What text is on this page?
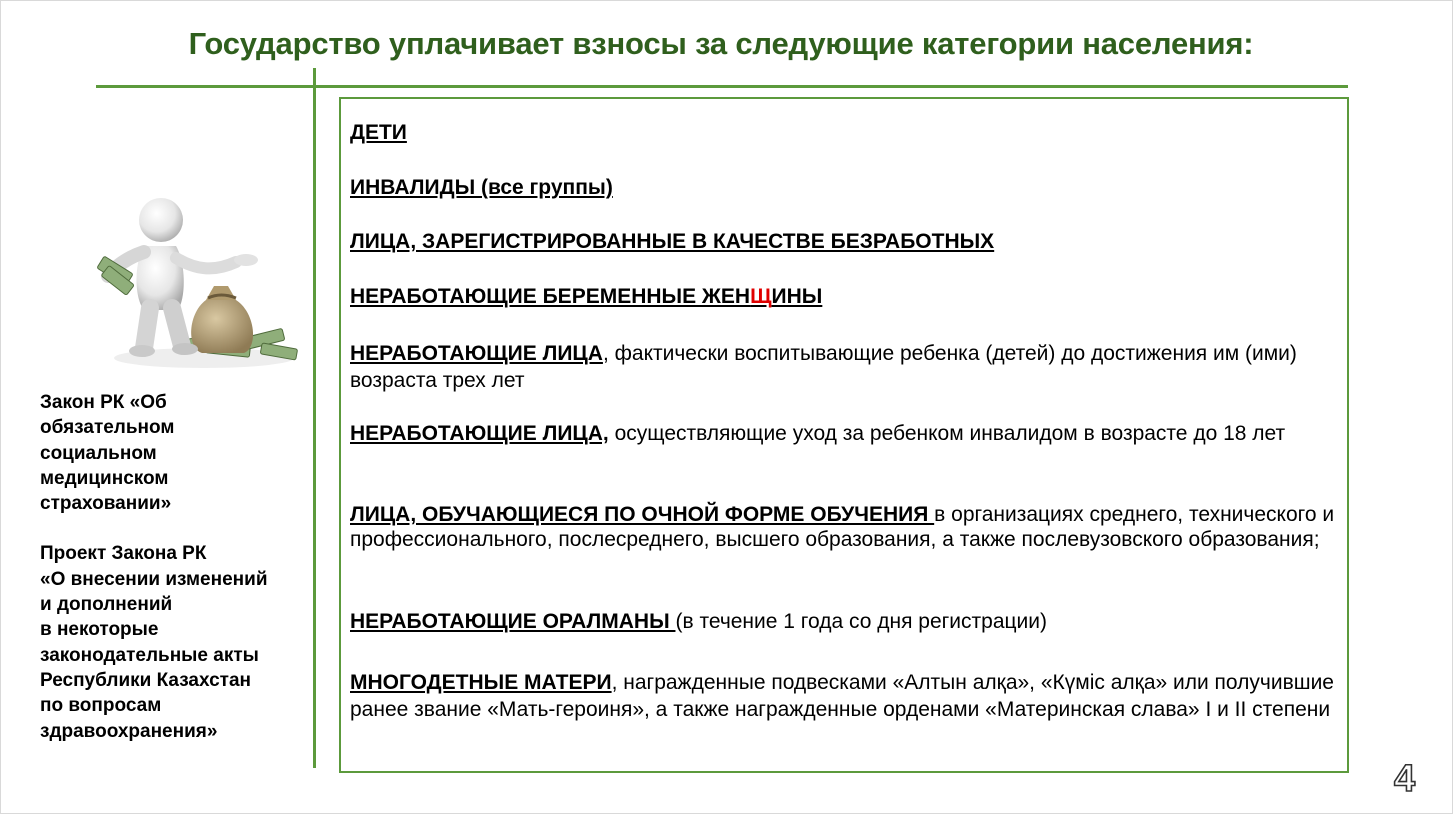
Государство уплачивает взносы за следующие категории населения:

Закон РК «Об
обязательном
социальном
медицинском
страховании»

Проект Закона РК
«О внесении изменений
и дополнений
в некоторые
законодательные акты
Республики Казахстан
по вопросам
здравоохранения»

ДЕТИ
ИНВАЛИДЫ (все группы)
ЛИЦА, ЗАРЕГИСТРИРОВАННЫЕ В КАЧЕСТВЕ БЕЗРАБОТНЫХ
НЕРАБОТАЮЩИЕ БЕРЕМЕННЫЕ ЖЕНЩИНЫ
НЕРАБОТАЮЩИЕ ЛИЦА, фактически воспитывающие ребенка (детей) до достижения им (ими) возраста трех лет
НЕРАБОТАЮЩИЕ ЛИЦА, осуществляющие уход за ребенком инвалидом в возрасте до 18 лет
ЛИЦА, ОБУЧАЮЩИЕСЯ ПО ОЧНОЙ ФОРМЕ ОБУЧЕНИЯ в организациях среднего, технического и профессионального, послесреднего, высшего образования, а также послевузовского образования;
НЕРАБОТАЮЩИЕ ОРАЛМАНЫ (в течение 1 года со дня регистрации)
МНОГОДЕТНЫЕ МАТЕРИ, награжденные подвесками «Алтын алқа», «Күміс алқа» или получившие ранее звание «Мать-героиня», а также награжденные орденами «Материнская слава» I и II степени
4
